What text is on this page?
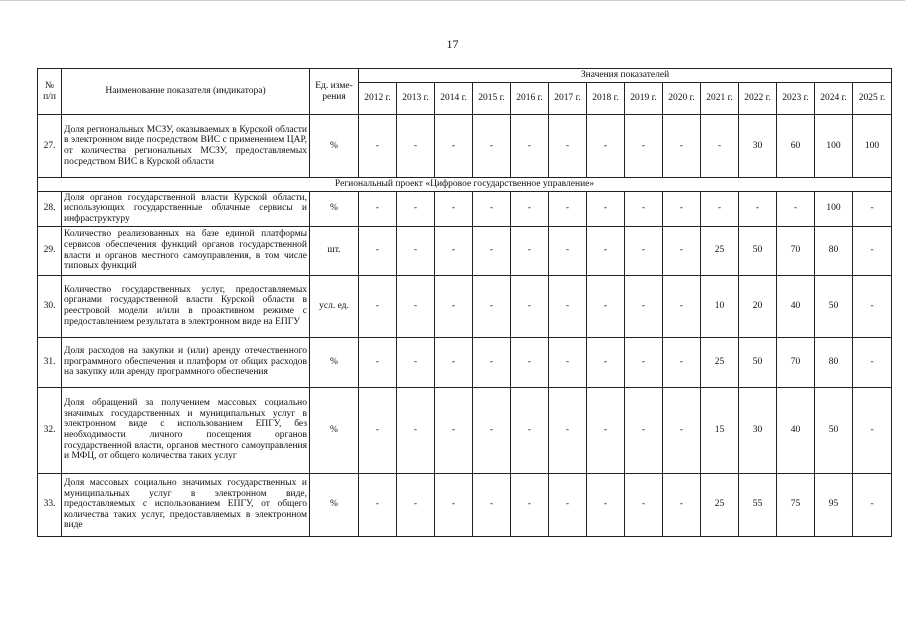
17
№ п/п	Наименование показателя (индикатора)	Ед. изме-рения	Значения показателей													
			2012 г.	2013 г.	2014 г.	2015 г.	2016 г.	2017 г.	2018 г.	2019 г.	2020 г.	2021 г.	2022 г.	2023 г.	2024 г.	2025 г.
27.	Доля региональных МСЗУ, оказываемых в Курской области в электронном виде посредством ВИС с применением ЦАР, от количества региональных МСЗУ, предоставляемых посредством ВИС в Курской области	%	-	-	-	-	-	-	-	-	-	-	30	60	100	100
Региональный проект «Цифровое государственное управление»																
28.	Доля органов государственной власти Курской области, использующих государственные облачные сервисы и инфраструктуру	%	-	-	-	-	-	-	-	-	-	-	-	-	100	-
29.	Количество реализованных на базе единой платформы сервисов обеспечения функций органов государственной власти и органов местного самоуправления, в том числе типовых функций	шт.	-	-	-	-	-	-	-	-	-	25	50	70	80	-
30.	Количество государственных услуг, предоставляемых органами государственной власти Курской области в реестровой модели и/или в проактивном режиме с предоставлением результата в электронном виде на ЕПГУ	усл. ед.	-	-	-	-	-	-	-	-	-	10	20	40	50	-
31.	Доля расходов на закупки и (или) аренду отечественного программного обеспечения и платформ от общих расходов на закупку или аренду программного обеспечения	%	-	-	-	-	-	-	-	-	-	25	50	70	80	-
32.	Доля обращений за получением массовых социально значимых государственных и муниципальных услуг в электронном виде с использованием ЕПГУ, без необходимости личного посещения органов государственной власти, органов местного самоуправления и МФЦ, от общего количества таких услуг	%	-	-	-	-	-	-	-	-	-	15	30	40	50	-
33.	Доля массовых социально значимых государственных и муниципальных услуг в электронном виде, предоставляемых с использованием ЕПГУ, от общего количества таких услуг, предоставляемых в электронном виде	%	-	-	-	-	-	-	-	-	-	25	55	75	95	-
